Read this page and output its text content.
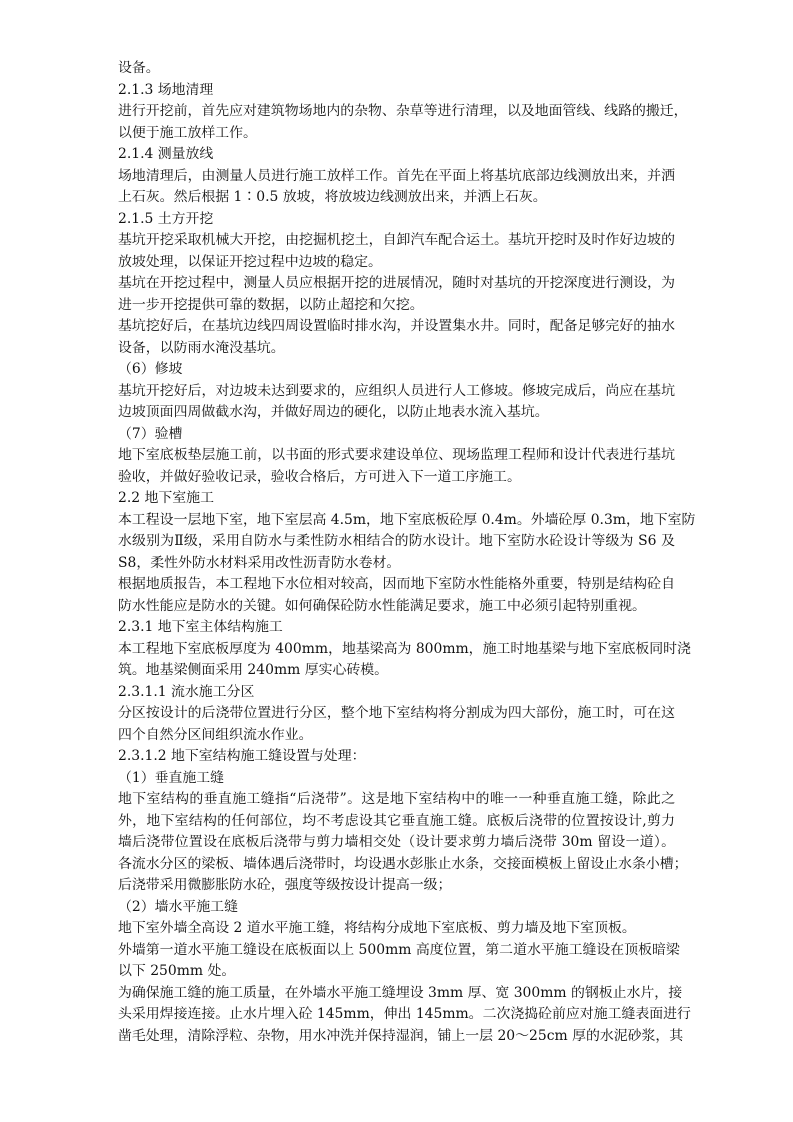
设备。
2.1.3 场地清理
进行开挖前，首先应对建筑物场地内的杂物、杂草等进行清理，以及地面管线、线路的搬迁，
以便于施工放样工作。
2.1.4 测量放线
场地清理后，由测量人员进行施工放样工作。首先在平面上将基坑底部边线测放出来，并洒
上石灰。然后根据 1∶0.5 放坡，将放坡边线测放出来，并洒上石灰。
2.1.5 土方开挖
基坑开挖采取机械大开挖，由挖掘机挖土，自卸汽车配合运土。基坑开挖时及时作好边坡的
放坡处理，以保证开挖过程中边坡的稳定。
基坑在开挖过程中，测量人员应根据开挖的进展情况，随时对基坑的开挖深度进行测设，为
进一步开挖提供可靠的数据，以防止超挖和欠挖。
基坑挖好后，在基坑边线四周设置临时排水沟，并设置集水井。同时，配备足够完好的抽水
设备，以防雨水淹没基坑。
（6）修坡
基坑开挖好后，对边坡未达到要求的，应组织人员进行人工修坡。修坡完成后，尚应在基坑
边坡顶面四周做截水沟，并做好周边的硬化，以防止地表水流入基坑。
（7）验槽
地下室底板垫层施工前，以书面的形式要求建设单位、现场监理工程师和设计代表进行基坑
验收，并做好验收记录，验收合格后，方可进入下一道工序施工。
2.2 地下室施工
本工程设一层地下室，地下室层高 4.5m，地下室底板砼厚 0.4m。外墙砼厚 0.3m，地下室防
水级别为Ⅱ级，采用自防水与柔性防水相结合的防水设计。地下室防水砼设计等级为 S6 及
S8，柔性外防水材料采用改性沥青防水卷材。
根据地质报告，本工程地下水位相对较高，因而地下室防水性能格外重要，特别是结构砼自
防水性能应是防水的关键。如何确保砼防水性能满足要求，施工中必须引起特别重视。
2.3.1 地下室主体结构施工
本工程地下室底板厚度为 400mm，地基梁高为 800mm，施工时地基梁与地下室底板同时浇
筑。地基梁侧面采用 240mm 厚实心砖模。
2.3.1.1 流水施工分区
分区按设计的后浇带位置进行分区，整个地下室结构将分割成为四大部份，施工时，可在这
四个自然分区间组织流水作业。
2.3.1.2 地下室结构施工缝设置与处理：
（1）垂直施工缝
地下室结构的垂直施工缝指“后浇带”。这是地下室结构中的唯一一种垂直施工缝，除此之
外，地下室结构的任何部位，均不考虑设其它垂直施工缝。底板后浇带的位置按设计,剪力
墙后浇带位置设在底板后浇带与剪力墙相交处（设计要求剪力墙后浇带 30m 留设一道）。
各流水分区的梁板、墙体遇后浇带时，均设遇水彭胀止水条，交接面模板上留设止水条小槽；
后浇带采用微膨胀防水砼，强度等级按设计提高一级；
（2）墙水平施工缝
地下室外墙全高设 2 道水平施工缝，将结构分成地下室底板、剪力墙及地下室顶板。
外墙第一道水平施工缝设在底板面以上 500mm 高度位置，第二道水平施工缝设在顶板暗梁
以下 250mm 处。
为确保施工缝的施工质量，在外墙水平施工缝埋设 3mm 厚、宽 300mm 的钢板止水片，接
头采用焊接连接。止水片埋入砼 145mm，伸出 145mm。二次浇捣砼前应对施工缝表面进行
凿毛处理，清除浮粒、杂物，用水冲洗并保持湿润，铺上一层 20～25cm 厚的水泥砂浆，其
